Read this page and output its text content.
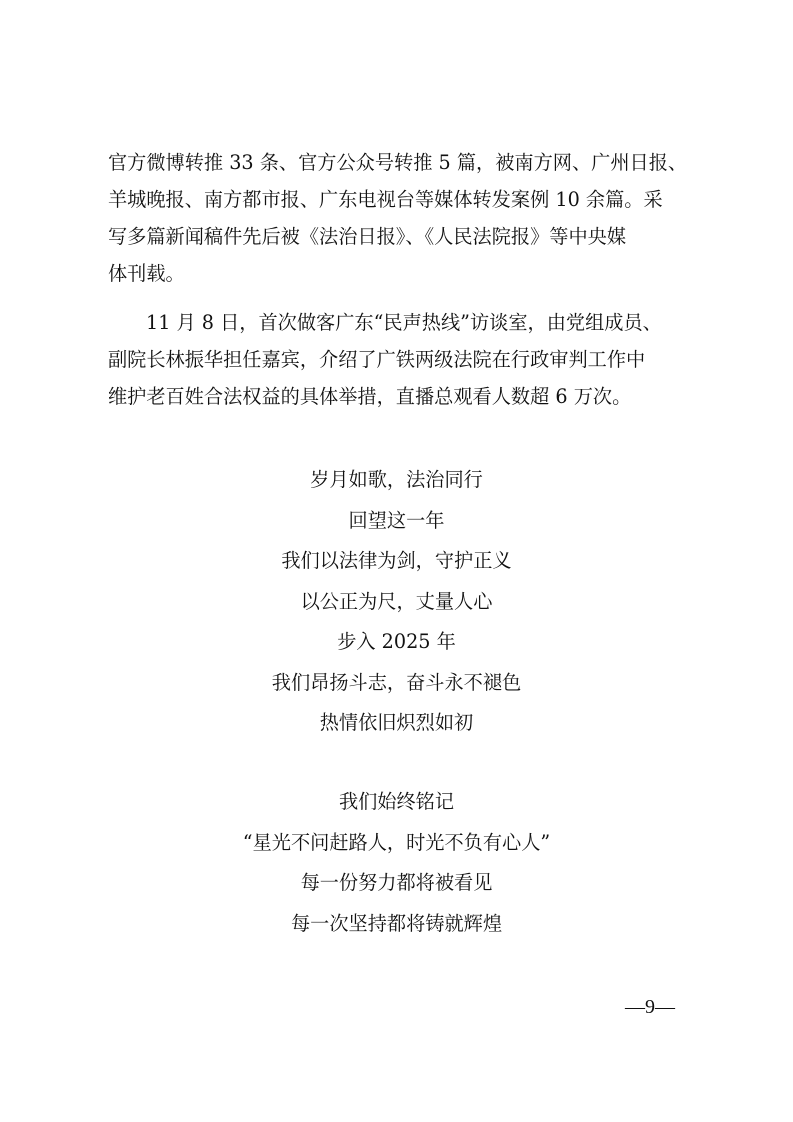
官方微博转推 33 条、官方公众号转推 5 篇，被南方网、广州日报、
羊城晚报、南方都市报、广东电视台等媒体转发案例 10 余篇。采
写多篇新闻稿件先后被《法治日报》、《人民法院报》等中央媒
体刊载。
11 月 8 日，首次做客广东“民声热线”访谈室，由党组成员、
副院长林振华担任嘉宾，介绍了广铁两级法院在行政审判工作中
维护老百姓合法权益的具体举措，直播总观看人数超 6 万次。
岁月如歌，法治同行
回望这一年
我们以法律为剑，守护正义
以公正为尺，丈量人心
步入 2025 年
我们昂扬斗志，奋斗永不褪色
热情依旧炽烈如初
我们始终铭记
“星光不问赶路人，时光不负有心人”
每一份努力都将被看见
每一次坚持都将铸就辉煌
—9—
